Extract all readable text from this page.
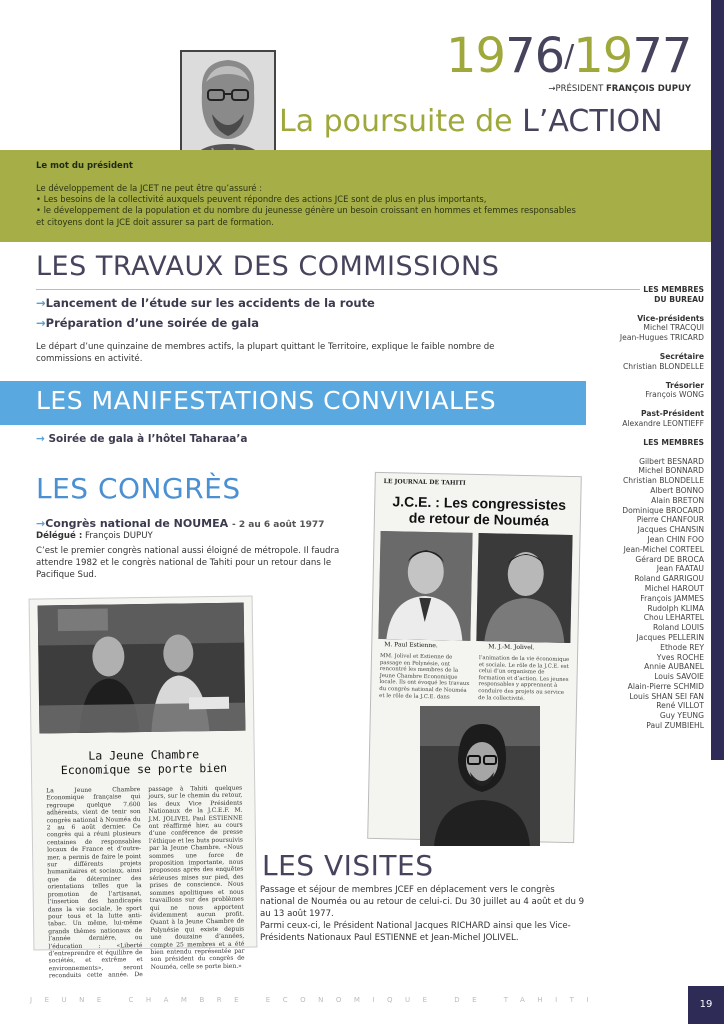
1976/1977
→PRÉSIDENT FRANÇOIS DUPUY
La poursuite de L’ACTION
Le mot du président
Le développement de la JCET ne peut être qu’assuré :
• Les besoins de la collectivité auxquels peuvent répondre des actions JCE sont de plus en plus importants,
• le développement de la population et du nombre du jeunesse génère un besoin croissant en hommes et femmes responsables
et citoyens dont la JCE doit assurer sa part de formation.
LES TRAVAUX DES COMMISSIONS
→Lancement de l’étude sur les accidents de la route
→Préparation d’une soirée de gala
Le départ d’une quinzaine de membres actifs, la plupart quittant le Territoire, explique le faible nombre de commissions en activité.
LES MANIFESTATIONS CONVIVIALES
→ Soirée de gala à l’hôtel Taharaa’a
LES CONGRÈS
→Congrès national de NOUMEA - 2 au 6 août 1977
Délégué : François DUPUY
C’est le premier congrès national aussi éloigné de métropole. Il faudra attendre 1982 et le congrès national de Tahiti pour un retour dans le Pacifique Sud.
La Jeune Chambre
Economique se porte bien
La Jeune Chambre Economique française qui regroupe quelque 7.600 adhérents, vient de tenir son congrès national à Nouméa du 2 au 6 août dernier. Ce congrès qui a réuni plusieurs centaines de responsables locaux de France et d’outre-mer, a permis de faire le point sur différents projets humanitaires et sociaux, ainsi que de déterminer des orientations telles que la promotion de l’artisanat, l’insertion des handicapés dans la vie sociale, le sport pour tous et la lutte anti-tabac. Un même, lui-même grands thèmes nationaux de l’année dernière, ou l’éducation : «Liberté d’entreprendre et équilibre de sociétés, et extrême et environnements», seront reconduits cette année. De passage à Tahiti quelques jours, sur le chemin du retour, les deux Vice Présidents Nationaux de la J.C.E.F. M. J.M. JOLIVEL Paul ESTIENNE ont réaffirmé hier, au cours d’une conférence de presse l’éthique et les buts poursuivis par la Jeune Chambre. «Nous sommes une force de proposition importante, nous proposons après des enquêtes sérieuses mises sur pied, des prises de conscience. Nous sommes apolitiques et nous travaillons sur des problèmes qui ne nous apportent évidemment aucun profit. Quant à la Jeune Chambre de Polynésie qui existe depuis une douzaine d’années, compte 25 membres et a été bien entendu représentée par son président du congrès de Nouméa, celle se porte bien.»
LE JOURNAL DE TAHITI
J.C.E. : Les congressistes de retour de Nouméa
M. Paul Estienne.	M. J.-M. Jolivel.
MM. Jolivel et Estienne de passage en Polynésie, ont rencontré les membres de la Jeune Chambre Economique locale. Ils ont évoqué les travaux du congrès national de Nouméa et le rôle de la J.C.E. dans l’animation de la vie économique et sociale. Le rôle de la J.C.E. est celui d’un organisme de formation et d’action. Les jeunes responsables y apprennent à conduire des projets au service de la collectivité.
LES VISITES
Passage et séjour de membres JCEF en déplacement vers le congrès national de Nouméa ou au retour de celui-ci. Du 30 juillet au 4 août et du 9 au 13 août 1977.
Parmi ceux-ci, le Président National Jacques RICHARD ainsi que les Vice-Présidents Nationaux Paul ESTIENNE et Jean-Michel JOLIVEL.
LES MEMBRES
DU BUREAU
Vice-présidents
Michel TRACQUI
Jean-Hugues TRICARD
Secrétaire
Christian BLONDELLE
Trésorier
François WONG
Past-Président
Alexandre LEONTIEFF
LES MEMBRES
Gilbert BESNARD
Michel BONNARD
Christian BLONDELLE
Albert BONNO
Alain BRETON
Dominique BROCARD
Pierre CHANFOUR
Jacques CHANSIN
Jean CHIN FOO
Jean-Michel CORTEEL
Gérard DE BROCA
Jean FAATAU
Roland GARRIGOU
Michel HAROUT
François JAMMES
Rudolph KLIMA
Chou LEHARTEL
Roland LOUIS
Jacques PELLERIN
Ethode REY
Yves ROCHE
Annie AUBANEL
Louis SAVOIE
Alain-Pierre SCHMID
Louis SHAN SEI FAN
René VILLOT
Guy YEUNG
Paul ZUMBIEHL
JEUNE CHAMBRE ECONOMIQUE DE TAHITI	19
